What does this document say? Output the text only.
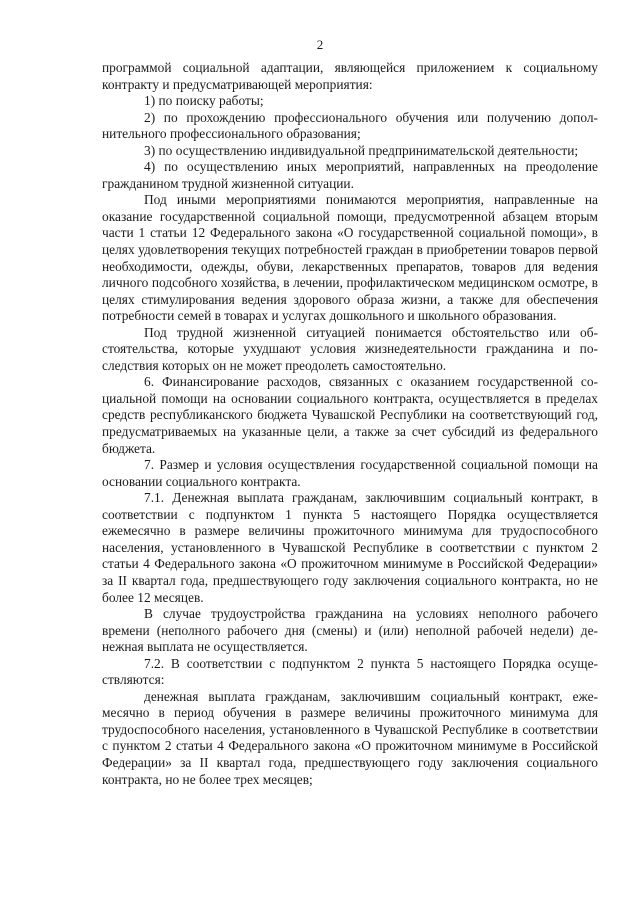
2

программой социальной адаптации, являющейся приложением к социальному контракту и предусматривающей мероприятия:

1) по поиску работы;

2) по прохождению профессионального обучения или получению дополнительного профессионального образования;

3) по осуществлению индивидуальной предпринимательской деятельности;

4) по осуществлению иных мероприятий, направленных на преодоление гражданином трудной жизненной ситуации.

Под иными мероприятиями понимаются мероприятия, направленные на оказание государственной социальной помощи, предусмотренной абзацем вторым части 1 статьи 12 Федерального закона «О государственной социальной помощи», в целях удовлетворения текущих потребностей граждан в приобретении товаров первой необходимости, одежды, обуви, лекарственных препаратов, товаров для ведения личного подсобного хозяйства, в лечении, профилактическом медицинском осмотре, в целях стимулирования ведения здорового образа жизни, а также для обеспечения потребности семей в товарах и услугах дошкольного и школьного образования.

Под трудной жизненной ситуацией понимается обстоятельство или обстоятельства, которые ухудшают условия жизнедеятельности гражданина и последствия которых он не может преодолеть самостоятельно.

6. Финансирование расходов, связанных с оказанием государственной социальной помощи на основании социального контракта, осуществляется в пределах средств республиканского бюджета Чувашской Республики на соответствующий год, предусматриваемых на указанные цели, а также за счет субсидий из федерального бюджета.

7. Размер и условия осуществления государственной социальной помощи на основании социального контракта.

7.1. Денежная выплата гражданам, заключившим социальный контракт, в соответствии с подпунктом 1 пункта 5 настоящего Порядка осуществляется ежемесячно в размере величины прожиточного минимума для трудоспособного населения, установленного в Чувашской Республике в соответствии с пунктом 2 статьи 4 Федерального закона «О прожиточном минимуме в Российской Федерации» за II квартал года, предшествующего году заключения социального контракта, но не более 12 месяцев.

В случае трудоустройства гражданина на условиях неполного рабочего времени (неполного рабочего дня (смены) и (или) неполной рабочей недели) денежная выплата не осуществляется.

7.2. В соответствии с подпунктом 2 пункта 5 настоящего Порядка осуществляются:

денежная выплата гражданам, заключившим социальный контракт, ежемесячно в период обучения в размере величины прожиточного минимума для трудоспособного населения, установленного в Чувашской Республике в соответствии с пунктом 2 статьи 4 Федерального закона «О прожиточном минимуме в Российской Федерации» за II квартал года, предшествующего году заключения социального контракта, но не более трех месяцев;
